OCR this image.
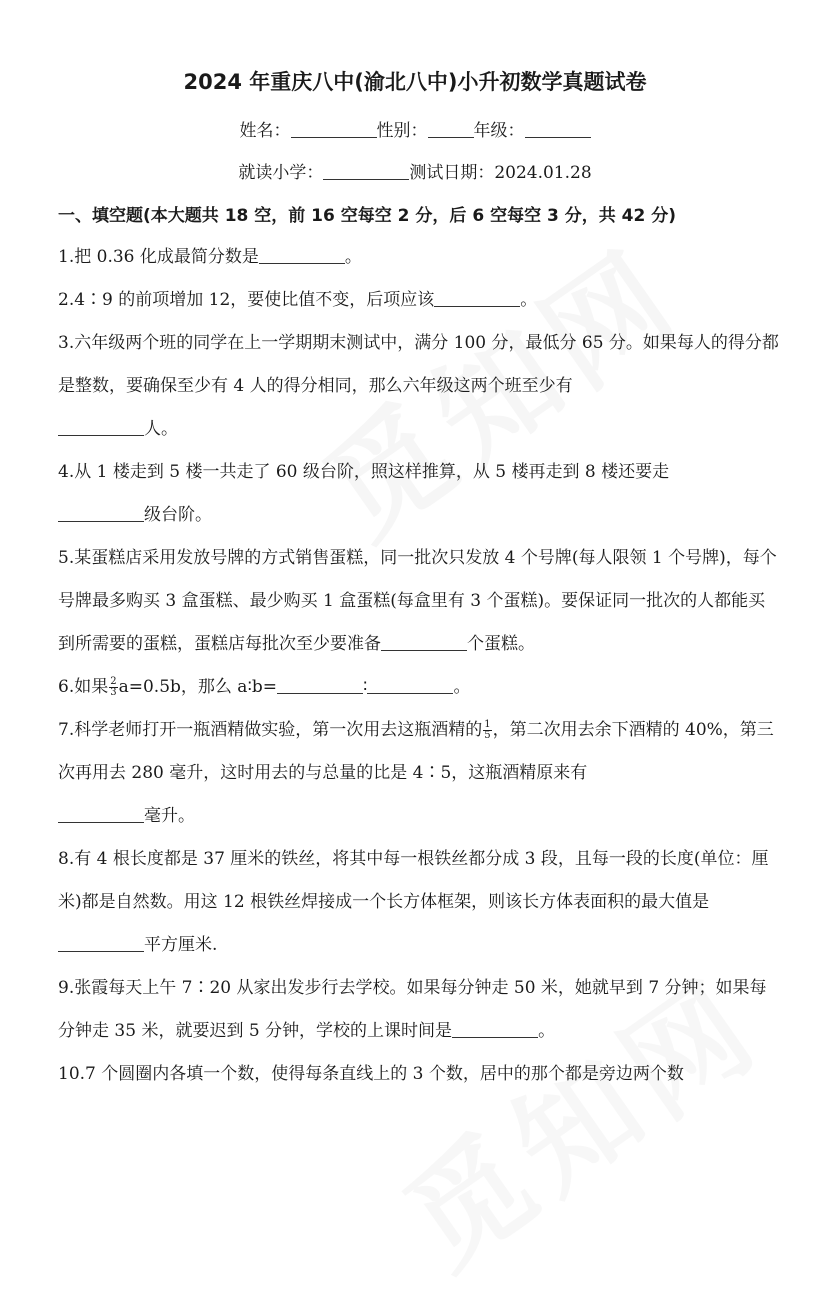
2024 年重庆八中(渝北八中)小升初数学真题试卷
姓名：	性别：	年级：
就读小学：	测试日期：2024.01.28
一、填空题(本大题共 18 空，前 16 空每空 2 分，后 6 空每空 3 分，共 42 分)

1.把 0.36 化成最简分数是	。

2.4∶9 的前项增加 12，要使比值不变，后项应该	。

3.六年级两个班的同学在上一学期期末测试中，满分 100 分，最低分 65 分。如果每人的得分都是整数，要确保至少有 4 人的得分相同，那么六年级这两个班至少有
人。

4.从 1 楼走到 5 楼一共走了 60 级台阶，照这样推算，从 5 楼再走到 8 楼还要走
级台阶。

5.某蛋糕店采用发放号牌的方式销售蛋糕，同一批次只发放 4 个号牌(每人限领 1 个号牌)，每个号牌最多购买 3 盒蛋糕、最少购买 1 盒蛋糕(每盒里有 3 个蛋糕)。要保证同一批次的人都能买到所需要的蛋糕，蛋糕店每批次至少要准备	个蛋糕。

6.如果 $\frac{2}{3} a=0.5b$，那么 a∶b=	∶	。

7.科学老师打开一瓶酒精做实验，第一次用去这瓶酒精的 $\frac{1}{5}$ ，第二次用去余下酒精的 40%，第三次再用去 280 毫升，这时用去的与总量的比是 4∶5，这瓶酒精原来有
毫升。

8.有 4 根长度都是 37 厘米的铁丝，将其中每一根铁丝都分成 3 段，且每一段的长度(单位：厘米)都是自然数。用这 12 根铁丝焊接成一个长方体框架，则该长方体表面积的最大值是平方厘米.

9.张霞每天上午 7∶20 从家出发步行去学校。如果每分钟走 50 米，她就早到 7 分钟；如果每分钟走 35 米，就要迟到 5 分钟，学校的上课时间是	。

10.7 个圆圈内各填一个数，使得每条直线上的 3 个数，居中的那个都是旁边两个数
